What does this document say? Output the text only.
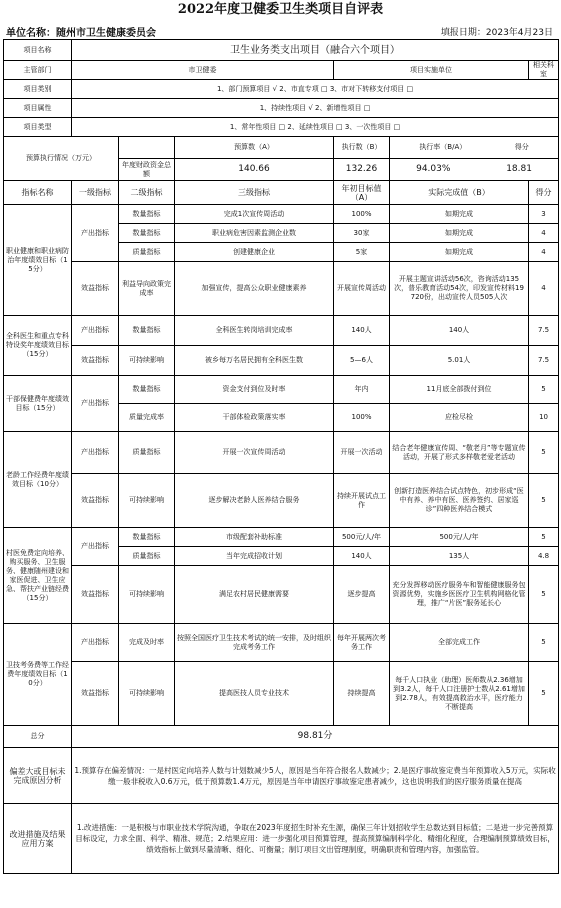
2022年度卫健委卫生类项目自评表
单位名称：随州市卫生健康委员会	填报日期：2023年4月23日
项目名称	卫生业务类支出项目（融合六个项目）					
主管部门	市卫健委			项目实施单位		相关科室
项目类别	1、部门预算项目 √ 2、市直专项 □ 3、市对下转移支付项目 □					
项目属性	1、持续性项目 √ 2、新增性项目 □					
项目类型	1、常年性项目 □ 2、延续性项目 □ 3、一次性项目 □					
预算执行情况（万元）			预算数（A）	执行数（B）	执行率（B/A） 得分	
		年度财政资金总额	140.66	132.26	94.03% 18.81	
指标名称	一级指标	二级指标	三级指标	年初目标值（A）	实际完成值（B）	得分
职业健康和职业病防治年度绩效目标（15分）	产出指标	数量指标	完成1次宣传周活动	100%	如期完成	3
		数量指标	职业病危害因素监测企业数	30家	如期完成	4
		质量指标	创建健康企业	5家	如期完成	4
	效益指标	利益导向政策完成率	加强宣传，提高公众职业健康素养	开展宣传周活动	开展主题宣讲活动56次，咨询活动135次，普乐教育活动54次，印发宣传材料19720份，出动宣传人员505人次	4
全科医生和重点专科特设奖年度绩效目标（15分）	产出指标	数量指标	全科医生转岗培训完成率	140人	140人	7.5
	效益指标	可持续影响	被乡每万名居民拥有全科医生数	5—6人	5.01人	7.5
干部保健费年度绩效目标（15分）	产出指标	数量指标	资金支付到位及时率	年内	11月底全部拨付到位	5
		质量完成率	干部体检政策落实率	100%	应检尽检	10
老龄工作经费年度绩效目标（10分）	产出指标	质量指标	开展一次宣传周活动	开展一次活动	结合老年健康宣传周、“敬老月”等专题宣传活动，开展了形式多样敬老爱老活动	5
	效益指标	可持续影响	逐步解决老龄人医养结合服务	持续开展试点工作	创新打造医养结合试点特色，初步形成“医中有养、养中有医、医养签约、居家巡诊”四种医养结合模式	5
村医免费定向培养、购买服务、卫生服务、健康随州建设和家医促进、卫生应急、帮扶产业链经费（15分）	产出指标	数量指标	市级配套补助标准	500元/人/年	500元/人/年	5
		质量指标	当年完成招收计划	140人	135人	4.8
	效益指标	可持续影响	满足农村居民健康需要	逐步提高	充分发挥移动医疗服务车和智能健康服务包资源优势，实施乡医医疗卫生机构网格化管理，推广“片医”服务延长心	5
卫技考务费等工作经费年度绩效目标（10分）	产出指标	完成及时率	按照全国医疗卫生技术考试的统一安排，及时组织完成考务工作	每年开展两次考务工作	全部完成工作	5
	效益指标	可持续影响	提高医技人员专业技术	持续提高	每千人口执业（助理）医师数从2.36增加到3.2人，每千人口注册护士数从2.61增加到2.78人，有效提高救治水平，医疗能力不断提高	5
总分	98.81分					
偏差大或目标未完成原因分析	1.预算存在偏差情况：一是村医定向培养人数与计划数减少5人，原因是当年符合报名人数减少；2.是医疗事故鉴定费当年预算收入5万元，实际收缴一般非税收入0.6万元，低于预算数1.4万元，原因是当年申请医疗事故鉴定患者减少，这也说明我们的医疗服务质量在提高					
改进措施及结果应用方案	1.改进措施：一是积极与市职业技术学院沟通，争取在2023年度招生时补充生源，确保三年计划招收学生总数达到目标值；二是进一步完善预算目标设定，力求全面、科学、精准、规范；2.结果应用：进一步强化项目预算管理，提高预算编制科学化、精细化程度，合理编制预算绩效目标，绩效指标上做到尽量清晰、细化、可衡量；制订项目文出管理制度，明确职责和管理内容，加强监管。					
